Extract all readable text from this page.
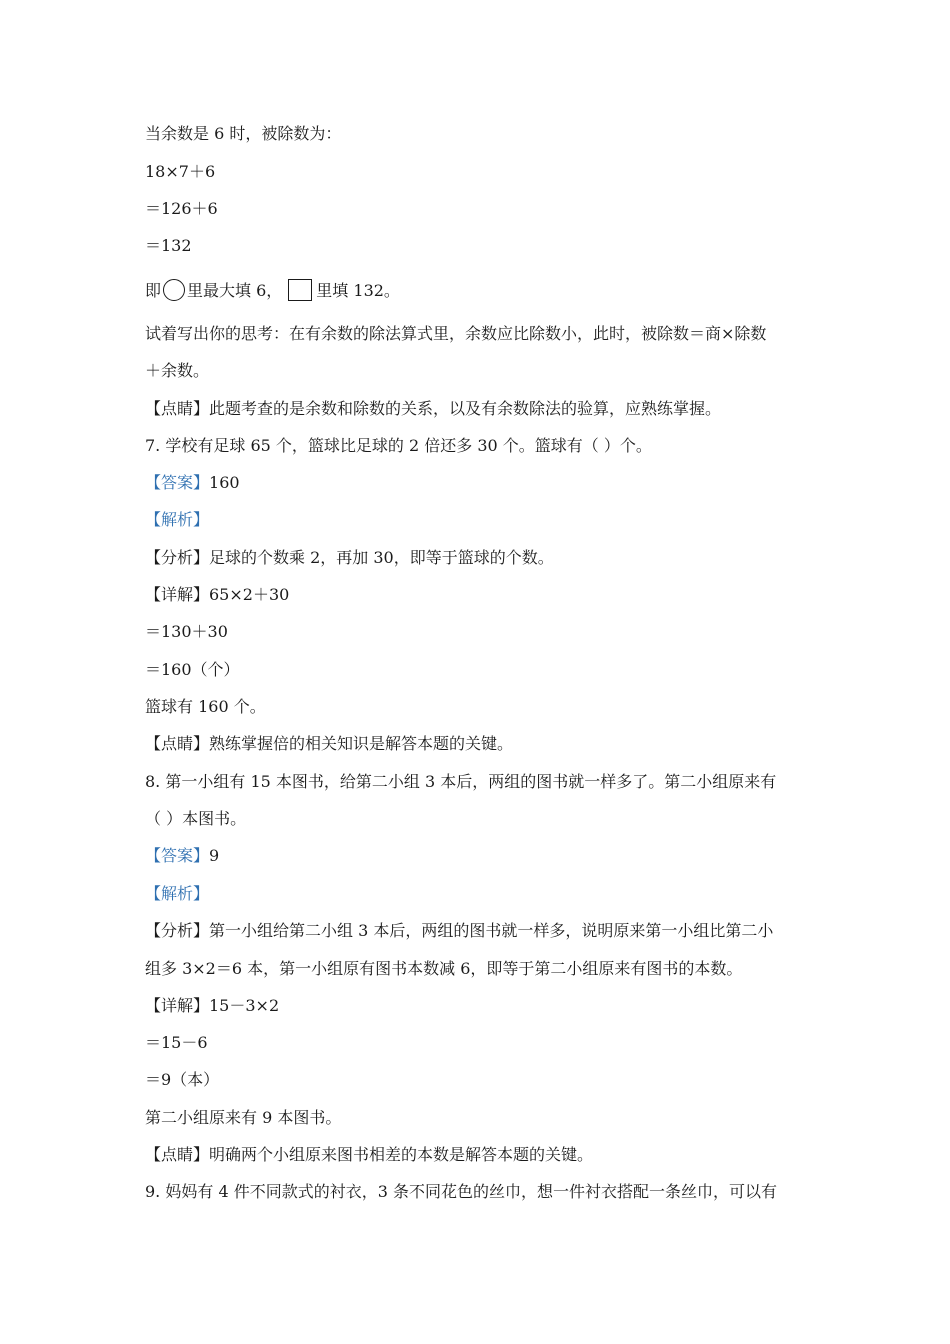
当余数是 6 时，被除数为：
18×7＋6
＝126＋6
＝132
即 里最大填 6， 里填 132。
试着写出你的思考：在有余数的除法算式里，余数应比除数小，此时，被除数＝商×除数
＋余数。
【点睛】此题考查的是余数和除数的关系，以及有余数除法的验算，应熟练掌握。
7. 学校有足球 65 个，篮球比足球的 2 倍还多 30 个。篮球有（ ）个。
【答案】160
【解析】
【分析】足球的个数乘 2，再加 30，即等于篮球的个数。
【详解】65×2＋30
＝130＋30
＝160（个）
篮球有 160 个。
【点睛】熟练掌握倍的相关知识是解答本题的关键。
8. 第一小组有 15 本图书，给第二小组 3 本后，两组的图书就一样多了。第二小组原来有
（ ）本图书。
【答案】9
【解析】
【分析】第一小组给第二小组 3 本后，两组的图书就一样多，说明原来第一小组比第二小
组多 3×2＝6 本，第一小组原有图书本数减 6，即等于第二小组原来有图书的本数。
【详解】15－3×2
＝15－6
＝9（本）
第二小组原来有 9 本图书。
【点睛】明确两个小组原来图书相差的本数是解答本题的关键。
9. 妈妈有 4 件不同款式的衬衣，3 条不同花色的丝巾，想一件衬衣搭配一条丝巾，可以有
